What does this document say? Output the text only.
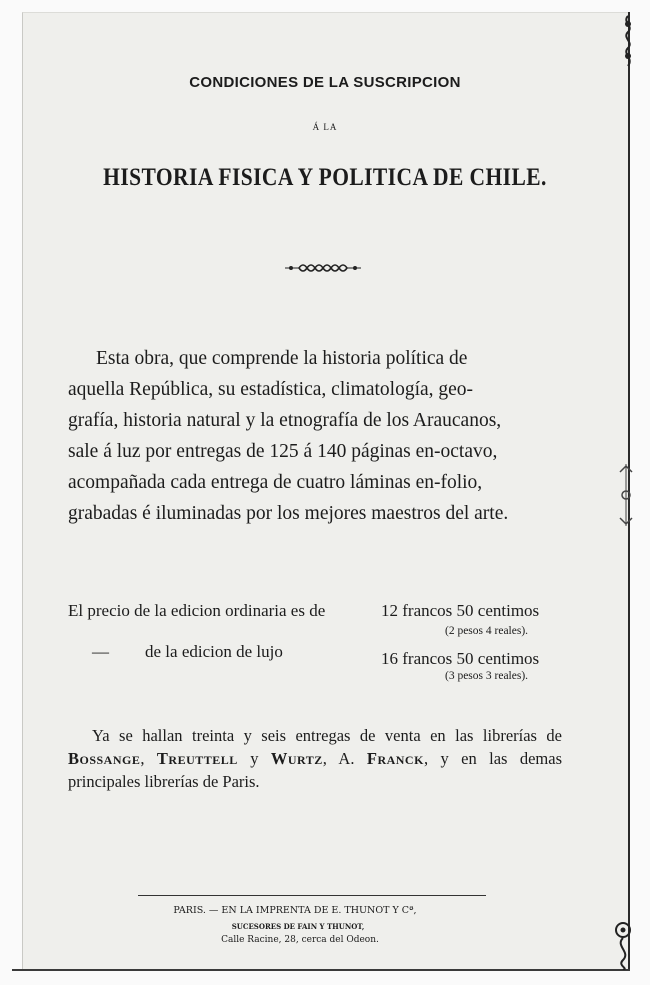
CONDICIONES DE LA SUSCRIPCION
Á LA
HISTORIA FISICA Y POLITICA DE CHILE.
Esta obra, que comprende la historia política de
aquella República, su estadística, climatología, geo-
grafía, historia natural y la etnografía de los Araucanos,
sale á luz por entregas de 125 á 140 páginas en-octavo,
acompañada cada entrega de cuatro láminas en-folio,
grabadas é iluminadas por los mejores maestros del arte.
El precio de la edicion ordinaria es de	12 francos 50 centimos
(2 pesos 4 reales).
— de la edicion de lujo	16 francos 50 centimos
(3 pesos 3 reales).
Ya se hallan treinta y seis entregas de venta en las librerías de Bossange, Treuttell y Wurtz, A. Franck, y en las demas principales librerías de Paris.
PARIS. — EN LA IMPRENTA DE E. THUNOT Y Cª,
SUCESORES DE FAIN Y THUNOT,
Calle Racine, 28, cerca del Odeon.
